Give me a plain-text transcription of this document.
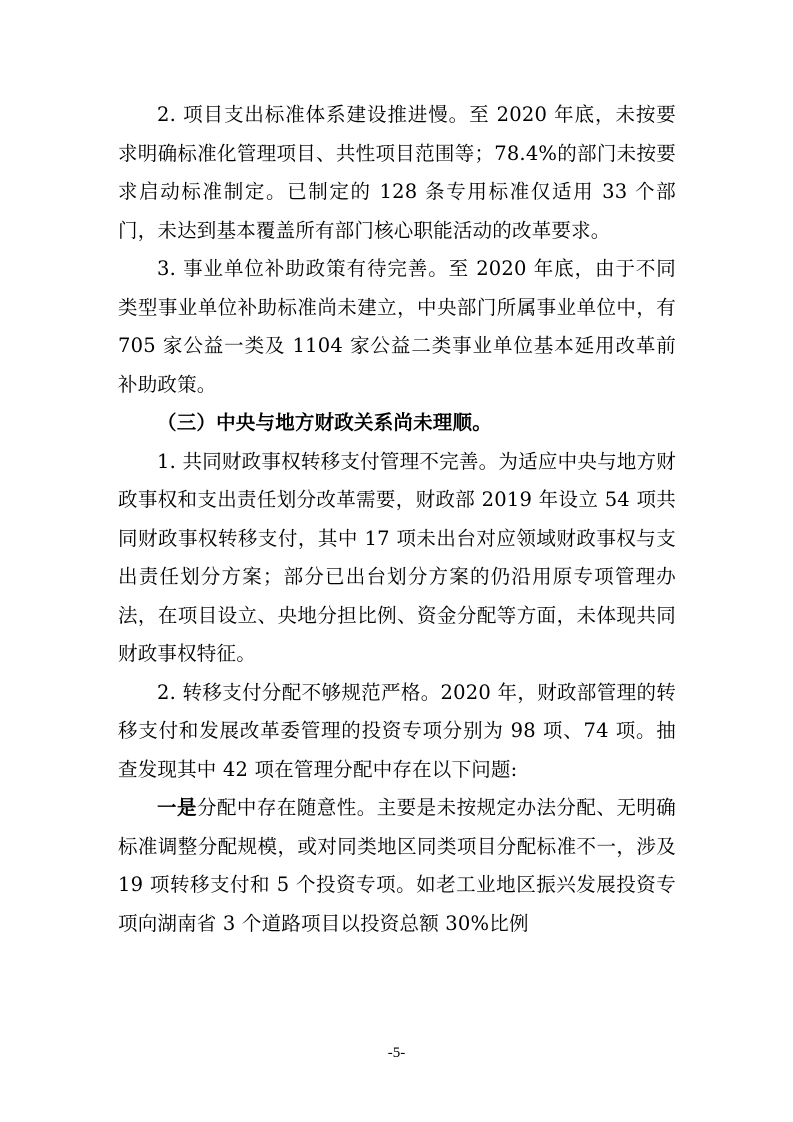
2. 项目支出标准体系建设推进慢。至 2020 年底，未按要求明确标准化管理项目、共性项目范围等；78.4%的部门未按要求启动标准制定。已制定的 128 条专用标准仅适用 33 个部门，未达到基本覆盖所有部门核心职能活动的改革要求。

3. 事业单位补助政策有待完善。至 2020 年底，由于不同类型事业单位补助标准尚未建立，中央部门所属事业单位中，有 705 家公益一类及 1104 家公益二类事业单位基本延用改革前补助政策。

（三）中央与地方财政关系尚未理顺。

1. 共同财政事权转移支付管理不完善。为适应中央与地方财政事权和支出责任划分改革需要，财政部 2019 年设立 54 项共同财政事权转移支付，其中 17 项未出台对应领域财政事权与支出责任划分方案；部分已出台划分方案的仍沿用原专项管理办法，在项目设立、央地分担比例、资金分配等方面，未体现共同财政事权特征。

2. 转移支付分配不够规范严格。2020 年，财政部管理的转移支付和发展改革委管理的投资专项分别为 98 项、74 项。抽查发现其中 42 项在管理分配中存在以下问题:

一是分配中存在随意性。主要是未按规定办法分配、无明确标准调整分配规模，或对同类地区同类项目分配标准不一，涉及 19 项转移支付和 5 个投资专项。如老工业地区振兴发展投资专项向湖南省 3 个道路项目以投资总额 30%比例

-5-
